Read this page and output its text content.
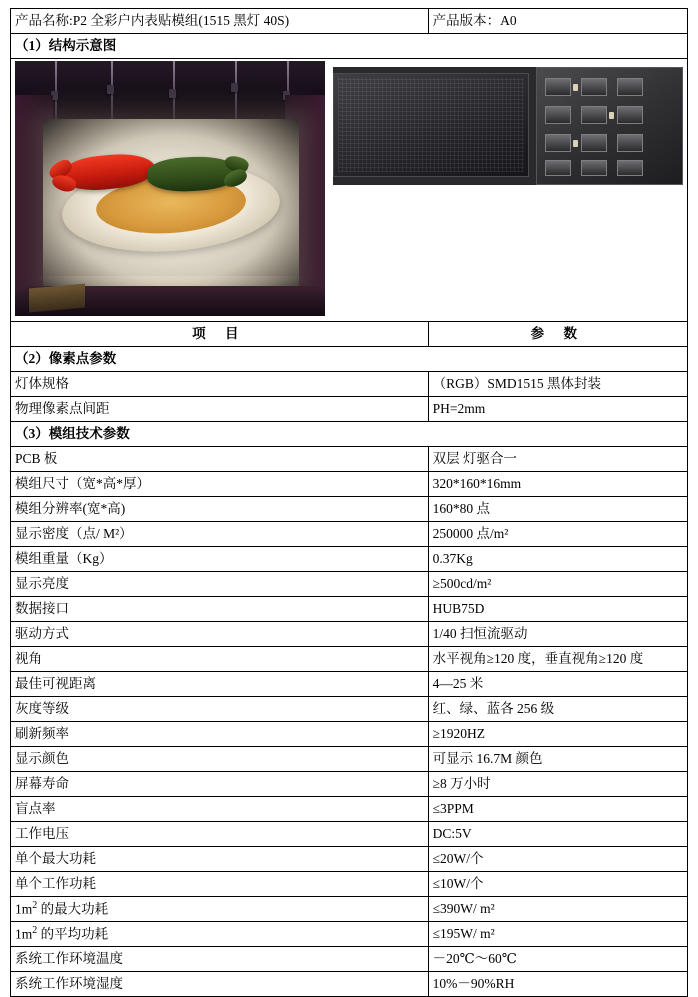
产品名称:P2 全彩户内表贴模组(1515 黑灯 40S)	产品版本：A0
（1）结构示意图	

项 目	参 数
（2）像素点参数	
灯体规格	（RGB）SMD1515 黑体封装
物理像素点间距	PH=2mm
（3）模组技术参数	
PCB 板	双层 灯驱合一
模组尺寸（宽*高*厚）	320*160*16mm
模组分辨率(宽*高)	160*80 点
显示密度（点/ M²）	250000 点/m²
模组重量（Kg）	0.37Kg
显示亮度	≥500cd/m²
数据接口	HUB75D
驱动方式	1/40 扫恒流驱动
视角	水平视角≥120 度，垂直视角≥120 度
最佳可视距离	4—25 米
灰度等级	红、绿、蓝各 256 级
刷新频率	≥1920HZ
显示颜色	可显示 16.7M 颜色
屏幕寿命	≥8 万小时
盲点率	≤3PPM
工作电压	DC:5V
单个最大功耗	≤20W/个
单个工作功耗	≤10W/个
$1m^2$ 的最大功耗	≤390W/ m²
$1m^2$ 的平均功耗	≤195W/ m²
系统工作环境温度	－20℃～60℃
系统工作环境湿度	10%－90%RH
